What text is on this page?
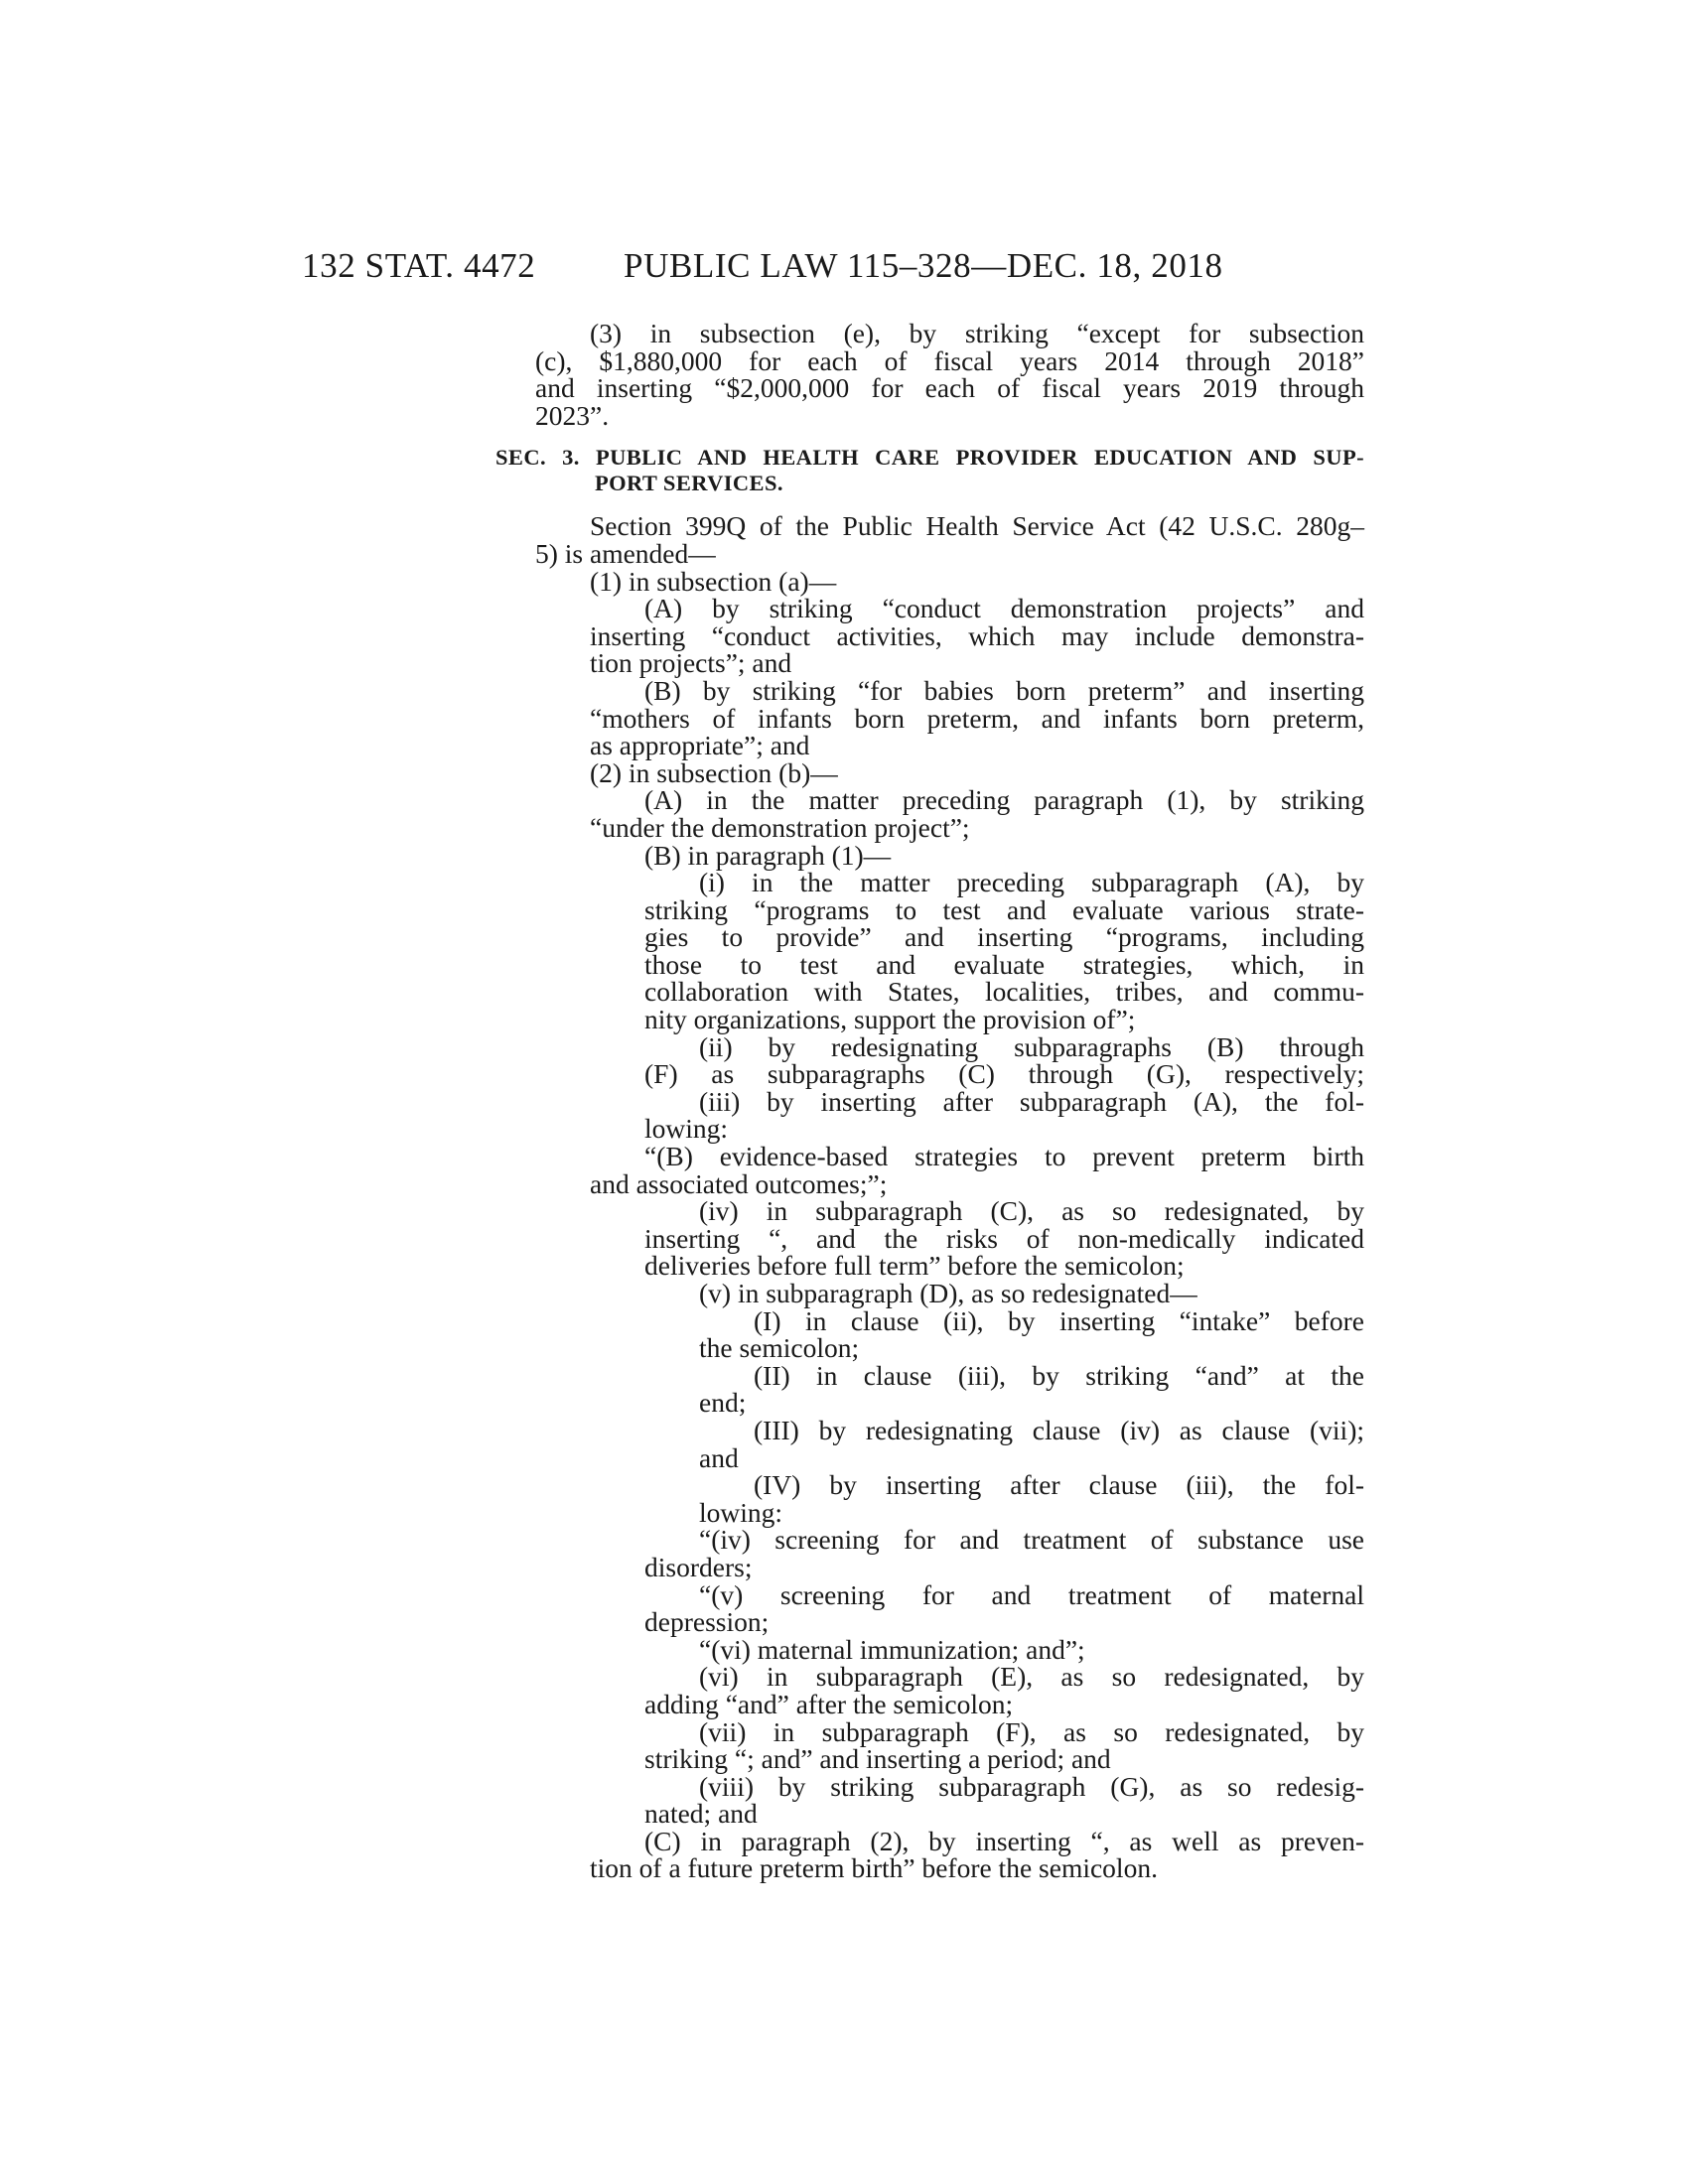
132 STAT. 4472	PUBLIC LAW 115–328—DEC. 18, 2018
(3) in subsection (e), by striking “except for subsection
(c), $1,880,000 for each of fiscal years 2014 through 2018”
and inserting “$2,000,000 for each of fiscal years 2019 through
2023”.
SEC. 3. PUBLIC AND HEALTH CARE PROVIDER EDUCATION AND SUP-
PORT SERVICES.
Section 399Q of the Public Health Service Act (42 U.S.C. 280g–
5) is amended—
(1) in subsection (a)—
(A) by striking “conduct demonstration projects” and
inserting “conduct activities, which may include demonstra-
tion projects”; and
(B) by striking “for babies born preterm” and inserting
“mothers of infants born preterm, and infants born preterm,
as appropriate”; and
(2) in subsection (b)—
(A) in the matter preceding paragraph (1), by striking
“under the demonstration project”;
(B) in paragraph (1)—
(i) in the matter preceding subparagraph (A), by
striking “programs to test and evaluate various strate-
gies to provide” and inserting “programs, including
those to test and evaluate strategies, which, in
collaboration with States, localities, tribes, and commu-
nity organizations, support the provision of”;
(ii) by redesignating subparagraphs (B) through
(F) as subparagraphs (C) through (G), respectively;
(iii) by inserting after subparagraph (A), the fol-
lowing:
“(B) evidence-based strategies to prevent preterm birth
and associated outcomes;”;
(iv) in subparagraph (C), as so redesignated, by
inserting “, and the risks of non-medically indicated
deliveries before full term” before the semicolon;
(v) in subparagraph (D), as so redesignated—
(I) in clause (ii), by inserting “intake” before
the semicolon;
(II) in clause (iii), by striking “and” at the
end;
(III) by redesignating clause (iv) as clause (vii);
and
(IV) by inserting after clause (iii), the fol-
lowing:
“(iv) screening for and treatment of substance use
disorders;
“(v) screening for and treatment of maternal
depression;
“(vi) maternal immunization; and”;
(vi) in subparagraph (E), as so redesignated, by
adding “and” after the semicolon;
(vii) in subparagraph (F), as so redesignated, by
striking “; and” and inserting a period; and
(viii) by striking subparagraph (G), as so redesig-
nated; and
(C) in paragraph (2), by inserting “, as well as preven-
tion of a future preterm birth” before the semicolon.
